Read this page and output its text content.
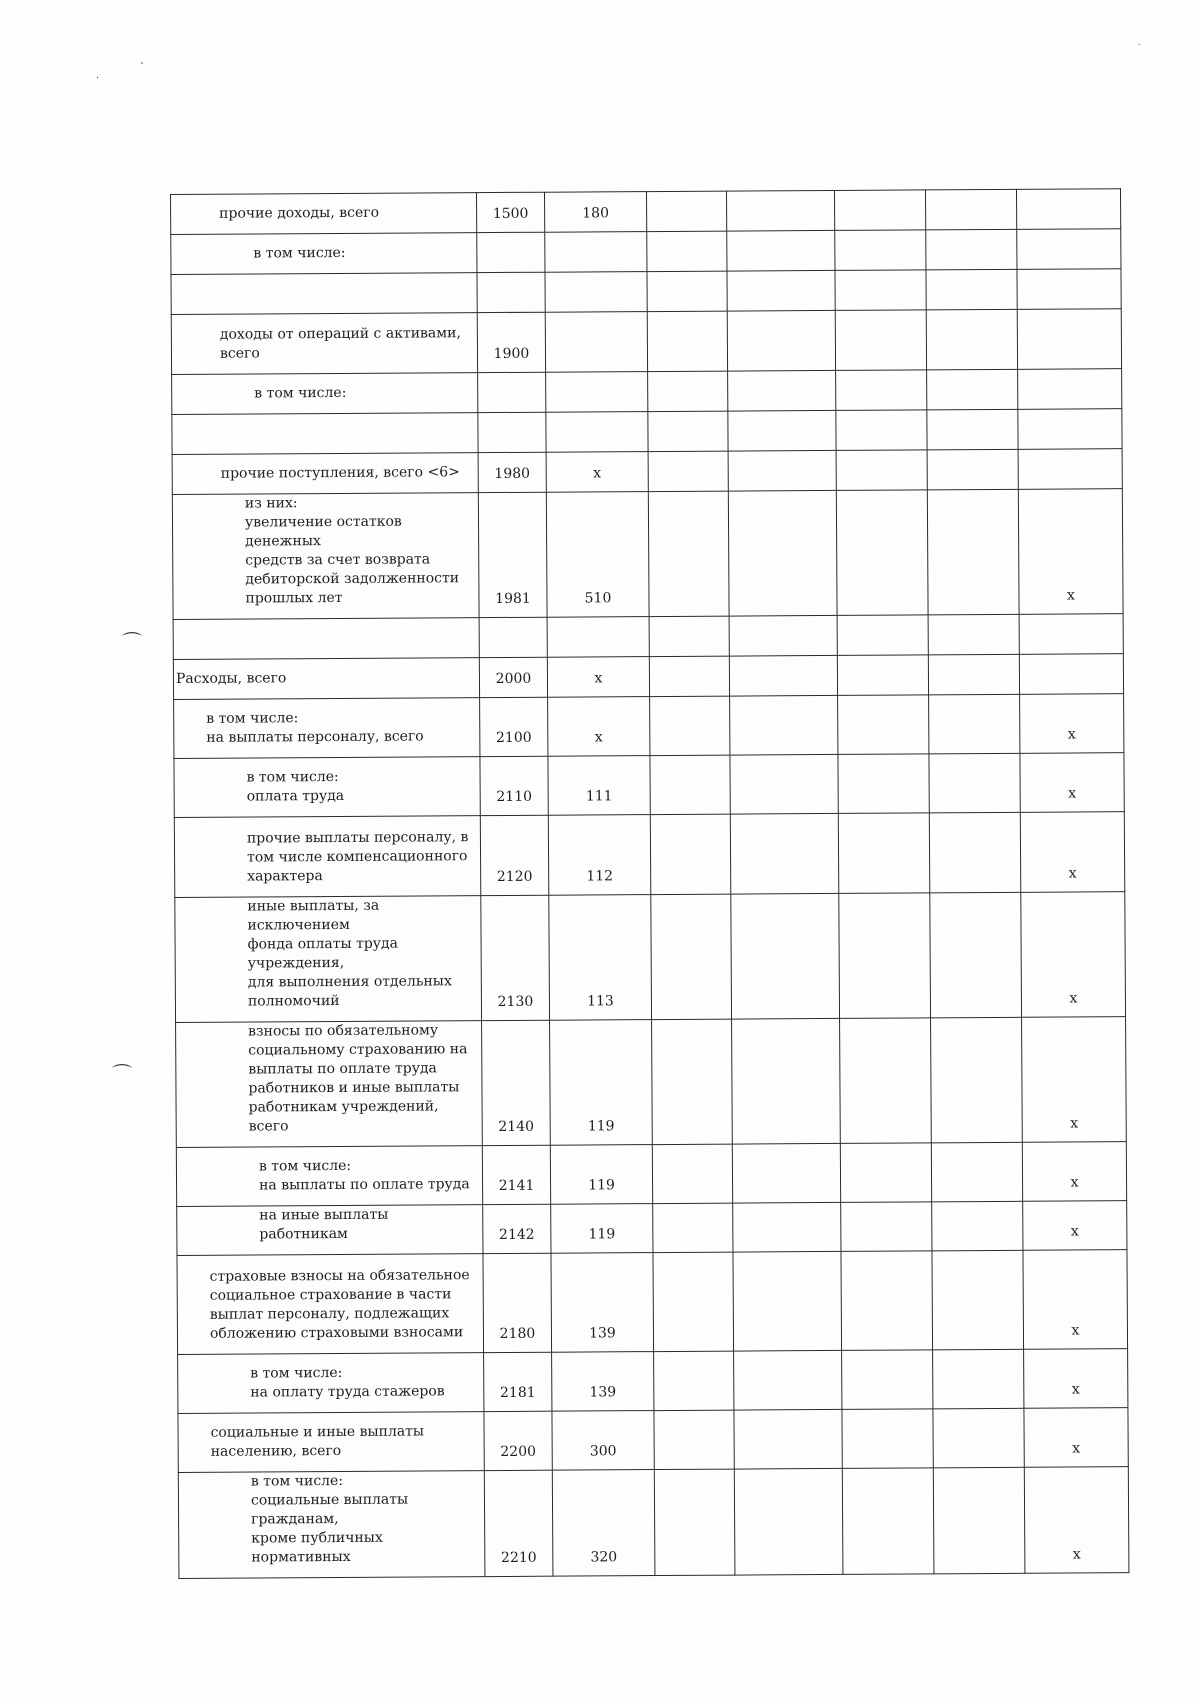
.
`
.
⌒
⌒
прочие доходы, всего	1500	180					
в том числе:							

доходы от операций с активами,
всего	1900						
в том числе:							

прочие поступления, всего <6>	1980	х					
из них:
увеличение остатков денежных
средств за счет возврата
дебиторской задолженности
прошлых лет	1981	510					х

Расходы, всего	2000	х					
в том числе:
на выплаты персоналу, всего	2100	х					х
в том числе:
оплата труда	2110	111					х
прочие выплаты персоналу, в
том числе компенсационного
характера	2120	112					х
иные выплаты, за исключением
фонда оплаты труда учреждения,
для выполнения отдельных
полномочий	2130	113					х
взносы по обязательному
социальному страхованию на
выплаты по оплате труда
работников и иные выплаты
работникам учреждений, всего	2140	119					х
в том числе:
на выплаты по оплате труда	2141	119					х
на иные выплаты работникам	2142	119					х
страховые взносы на обязательное
социальное страхование в части
выплат персоналу, подлежащих
обложению страховыми взносами	2180	139					х
в том числе:
на оплату труда стажеров	2181	139					х
социальные и иные выплаты
населению, всего	2200	300					х
в том числе:
социальные выплаты гражданам,
кроме публичных нормативных	2210	320					х
